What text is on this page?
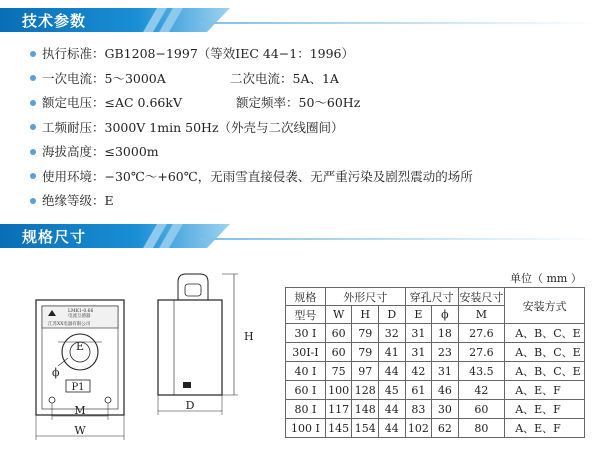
技术参数
执行标准：GB1208−1997（等效IEC 44−1：1996）
一次电流：5～3000A	二次电流：5A、1A
额定电压：≤AC 0.66kV	额定频率：50～60Hz
工频耐压：3000V 1min 50Hz（外壳与二次线圈间）
海拔高度：≤3000m
使用环境：−30℃～+60℃，无雨雪直接侵袭、无严重污染及剧烈震动的场所
绝缘等级：E
规格尺寸
LMK1-0.66
电流互感器
江苏XX电器有限公司
E
ϕ
P1
M
W
H
D
单位（ mm ）
规格	外形尺寸			穿孔尺寸		安装尺寸	安装方式
型号	W	H	D	E	ϕ	M	
30 Ⅰ	60	79	32	31	18	27.6	A、B、C、E
30Ⅰ-Ⅰ	60	79	41	31	23	27.6	A、B、C、E
40 Ⅰ	75	97	44	42	31	43.5	A、B、C、E
60 Ⅰ	100	128	45	61	46	42	A、E、F
80 Ⅰ	117	148	44	83	30	60	A、E、F
100 Ⅰ	145	154	44	102	62	80	A、E、F
